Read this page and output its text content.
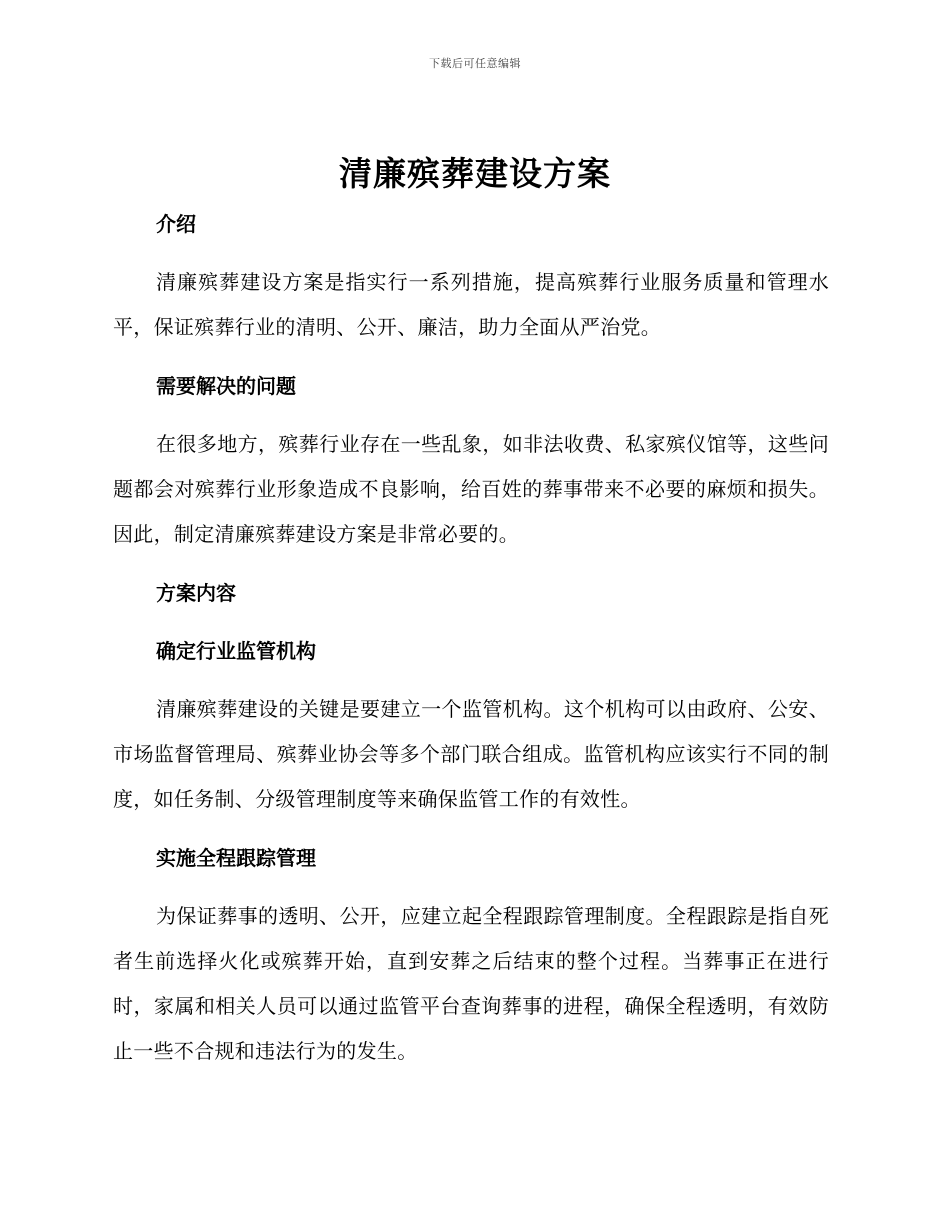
下载后可任意编辑
清廉殡葬建设方案
介绍

清廉殡葬建设方案是指实行一系列措施，提高殡葬行业服务质量和管理水平，保证殡葬行业的清明、公开、廉洁，助力全面从严治党。

需要解决的问题

在很多地方，殡葬行业存在一些乱象，如非法收费、私家殡仪馆等，这些问题都会对殡葬行业形象造成不良影响，给百姓的葬事带来不必要的麻烦和损失。因此，制定清廉殡葬建设方案是非常必要的。

方案内容
确定行业监管机构

清廉殡葬建设的关键是要建立一个监管机构。这个机构可以由政府、公安、市场监督管理局、殡葬业协会等多个部门联合组成。监管机构应该实行不同的制度，如任务制、分级管理制度等来确保监管工作的有效性。

实施全程跟踪管理

为保证葬事的透明、公开，应建立起全程跟踪管理制度。全程跟踪是指自死者生前选择火化或殡葬开始，直到安葬之后结束的整个过程。当葬事正在进行时，家属和相关人员可以通过监管平台查询葬事的进程，确保全程透明，有效防止一些不合规和违法行为的发生。
